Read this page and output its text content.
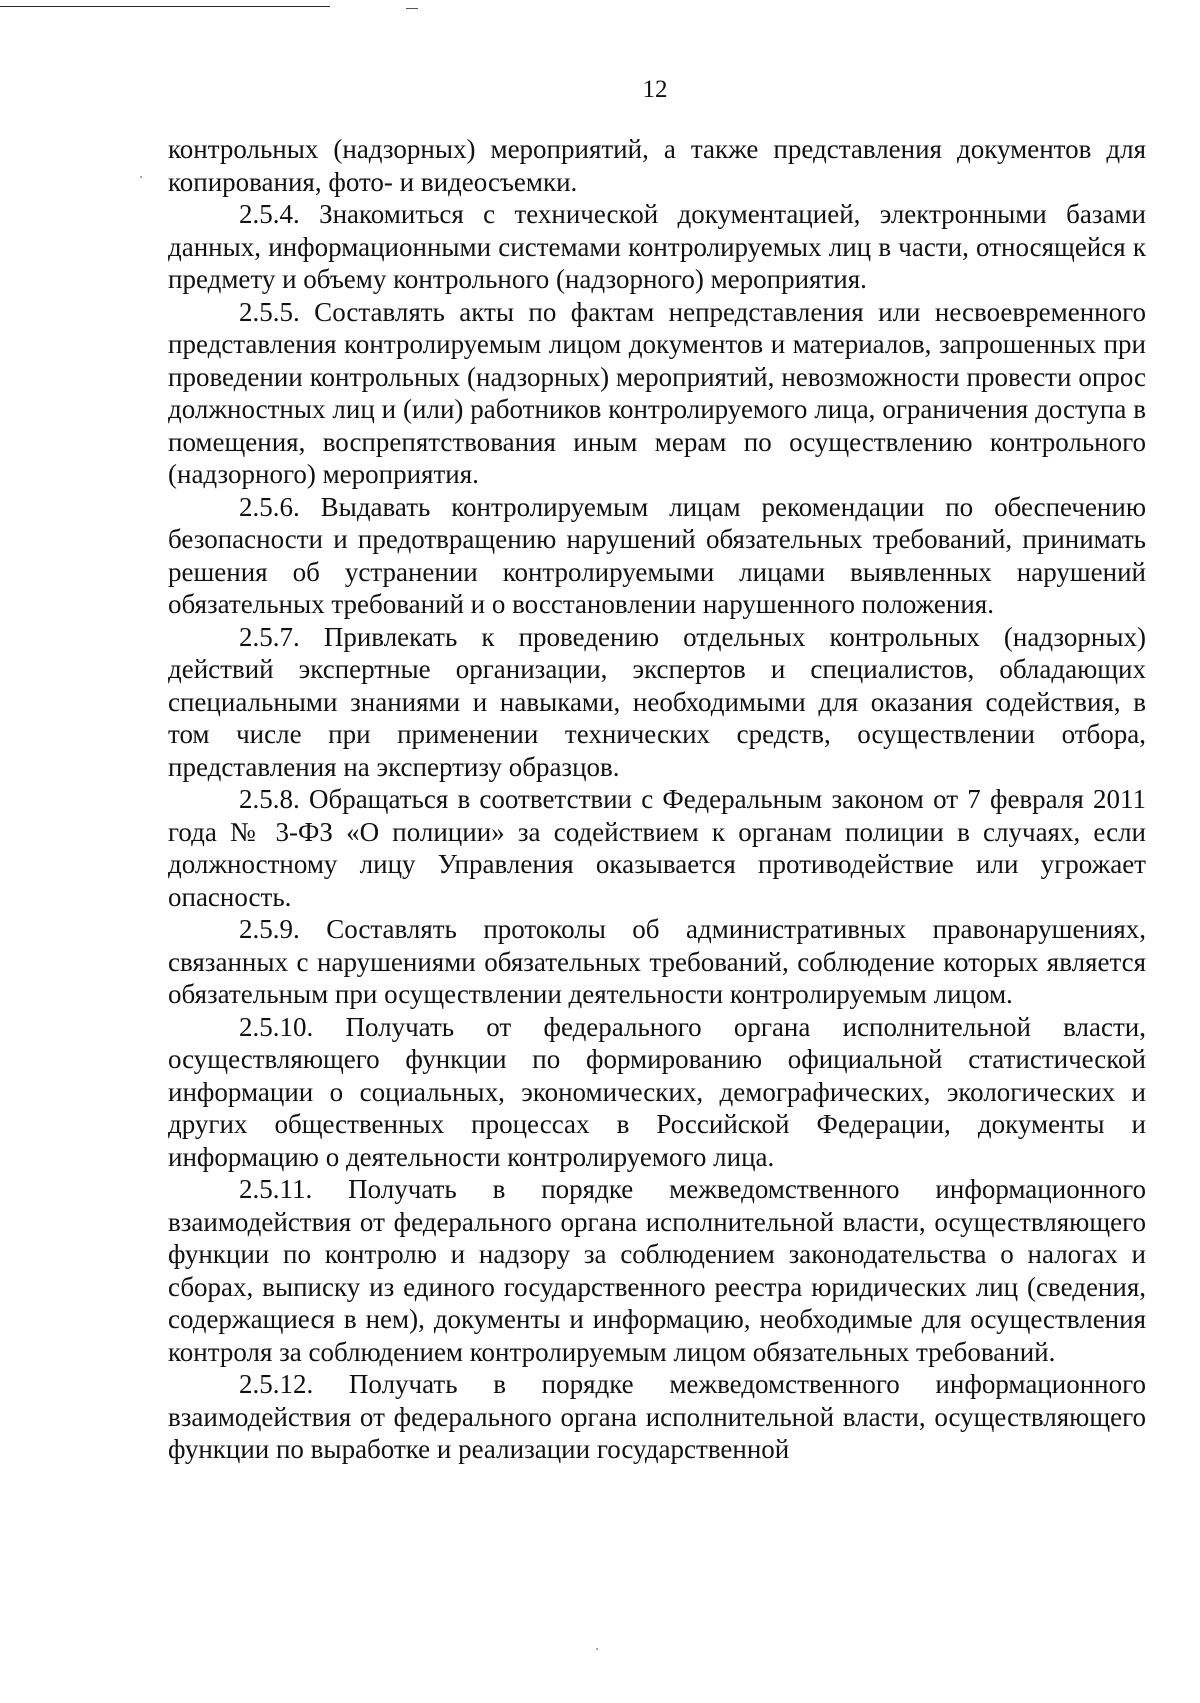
12

контрольных (надзорных) мероприятий, а также представления документов для копирования, фото- и видеосъемки.

2.5.4. Знакомиться с технической документацией, электронными базами данных, информационными системами контролируемых лиц в части, относящейся к предмету и объему контрольного (надзорного) мероприятия.

2.5.5. Составлять акты по фактам непредставления или несвоевременного представления контролируемым лицом документов и материалов, запрошенных при проведении контрольных (надзорных) мероприятий, невозможности провести опрос должностных лиц и (или) работников контролируемого лица, ограничения доступа в помещения, воспрепятствования иным мерам по осуществлению контрольного (надзорного) мероприятия.

2.5.6. Выдавать контролируемым лицам рекомендации по обеспечению безопасности и предотвращению нарушений обязательных требований, принимать решения об устранении контролируемыми лицами выявленных нарушений обязательных требований и о восстановлении нарушенного положения.

2.5.7. Привлекать к проведению отдельных контрольных (надзорных) действий экспертные организации, экспертов и специалистов, обладающих специальными знаниями и навыками, необходимыми для оказания содействия, в том числе при применении технических средств, осуществлении отбора, представления на экспертизу образцов.

2.5.8. Обращаться в соответствии с Федеральным законом от 7 февраля 2011 года № 3-ФЗ «О полиции» за содействием к органам полиции в случаях, если должностному лицу Управления оказывается противодействие или угрожает опасность.

2.5.9. Составлять протоколы об административных правонарушениях, связанных с нарушениями обязательных требований, соблюдение которых является обязательным при осуществлении деятельности контролируемым лицом.

2.5.10. Получать от федерального органа исполнительной власти, осуществляющего функции по формированию официальной статистической информации о социальных, экономических, демографических, экологических и других общественных процессах в Российской Федерации, документы и информацию о деятельности контролируемого лица.

2.5.11. Получать в порядке межведомственного информационного взаимодействия от федерального органа исполнительной власти, осуществляющего функции по контролю и надзору за соблюдением законодательства о налогах и сборах, выписку из единого государственного реестра юридических лиц (сведения, содержащиеся в нем), документы и информацию, необходимые для осуществления контроля за соблюдением контролируемым лицом обязательных требований.

2.5.12. Получать в порядке межведомственного информационного взаимодействия от федерального органа исполнительной власти, осуществляющего функции по выработке и реализации государственной
